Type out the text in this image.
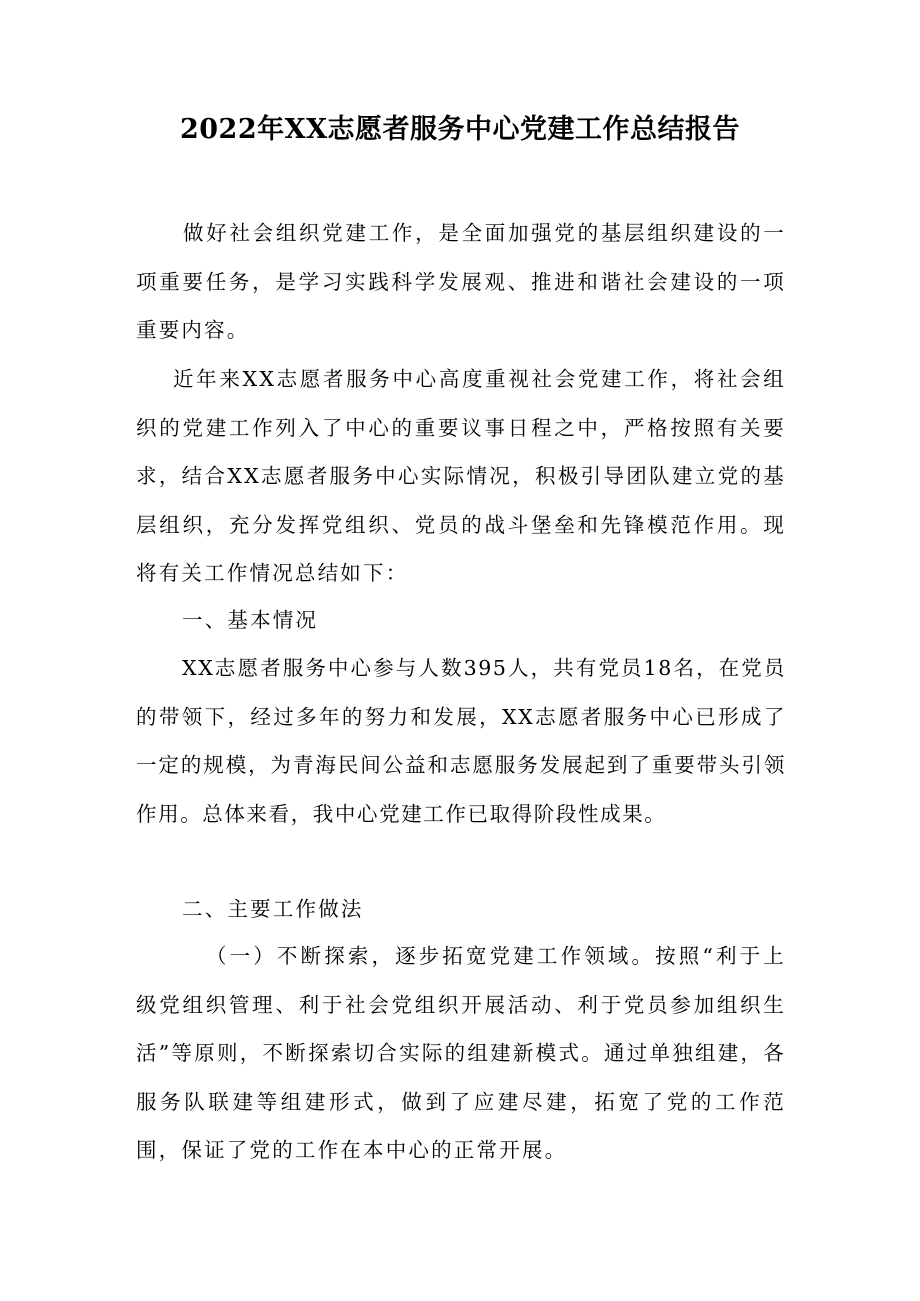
2022年XX志愿者服务中心党建工作总结报告

做好社会组织党建工作，是全面加强党的基层组织建设的一项重要任务，是学习实践科学发展观、推进和谐社会建设的一项重要内容。

近年来XX志愿者服务中心高度重视社会党建工作，将社会组织的党建工作列入了中心的重要议事日程之中，严格按照有关要求，结合XX志愿者服务中心实际情况，积极引导团队建立党的基层组织，充分发挥党组织、党员的战斗堡垒和先锋模范作用。现将有关工作情况总结如下：

一、基本情况

XX志愿者服务中心参与人数395人，共有党员18名，在党员的带领下，经过多年的努力和发展，XX志愿者服务中心已形成了一定的规模，为青海民间公益和志愿服务发展起到了重要带头引领作用。总体来看，我中心党建工作已取得阶段性成果。

二、主要工作做法

（一）不断探索，逐步拓宽党建工作领域。按照“利于上级党组织管理、利于社会党组织开展活动、利于党员参加组织生活”等原则，不断探索切合实际的组建新模式。通过单独组建，各服务队联建等组建形式，做到了应建尽建，拓宽了党的工作范围，保证了党的工作在本中心的正常开展。
